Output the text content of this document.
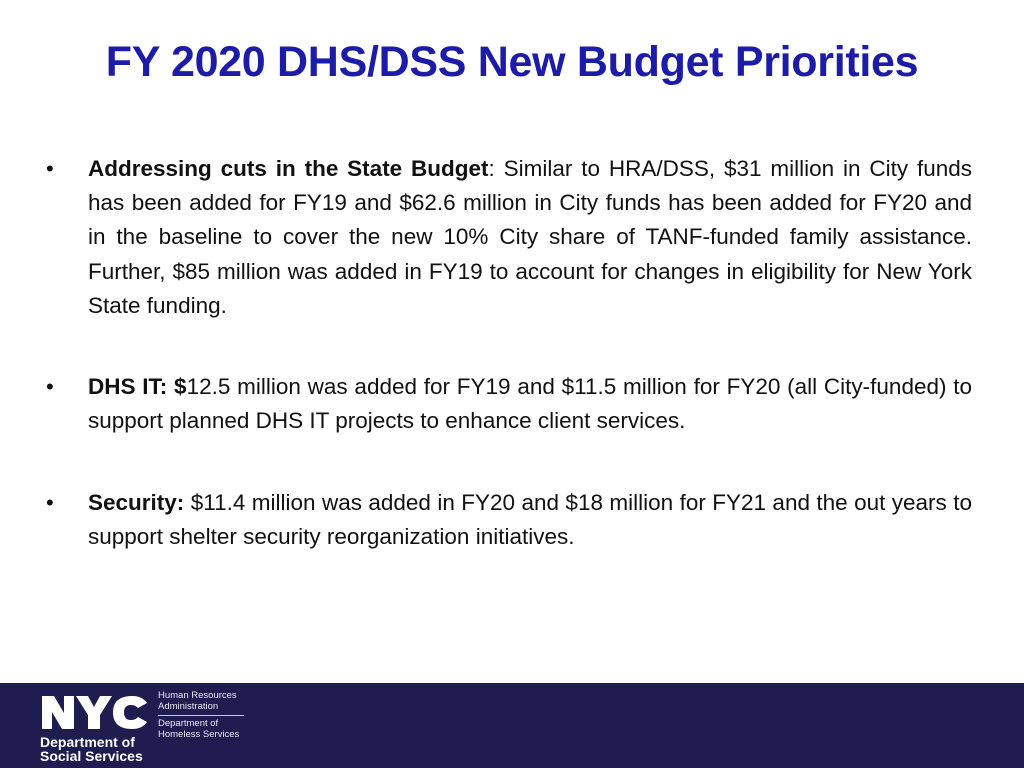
FY 2020 DHS/DSS New Budget Priorities
• Addressing cuts in the State Budget: Similar to HRA/DSS, $31 million in City funds has been added for FY19 and $62.6 million in City funds has been added for FY20 and in the baseline to cover the new 10% City share of TANF-funded family assistance. Further, $85 million was added in FY19 to account for changes in eligibility for New York State funding.
• DHS IT: $12.5 million was added for FY19 and $11.5 million for FY20 (all City-funded) to support planned DHS IT projects to enhance client services.
• Security: $11.4 million was added in FY20 and $18 million for FY21 and the out years to support shelter security reorganization initiatives.
Department of
Social Services
Human Resources
Administration
Department of
Homeless Services
